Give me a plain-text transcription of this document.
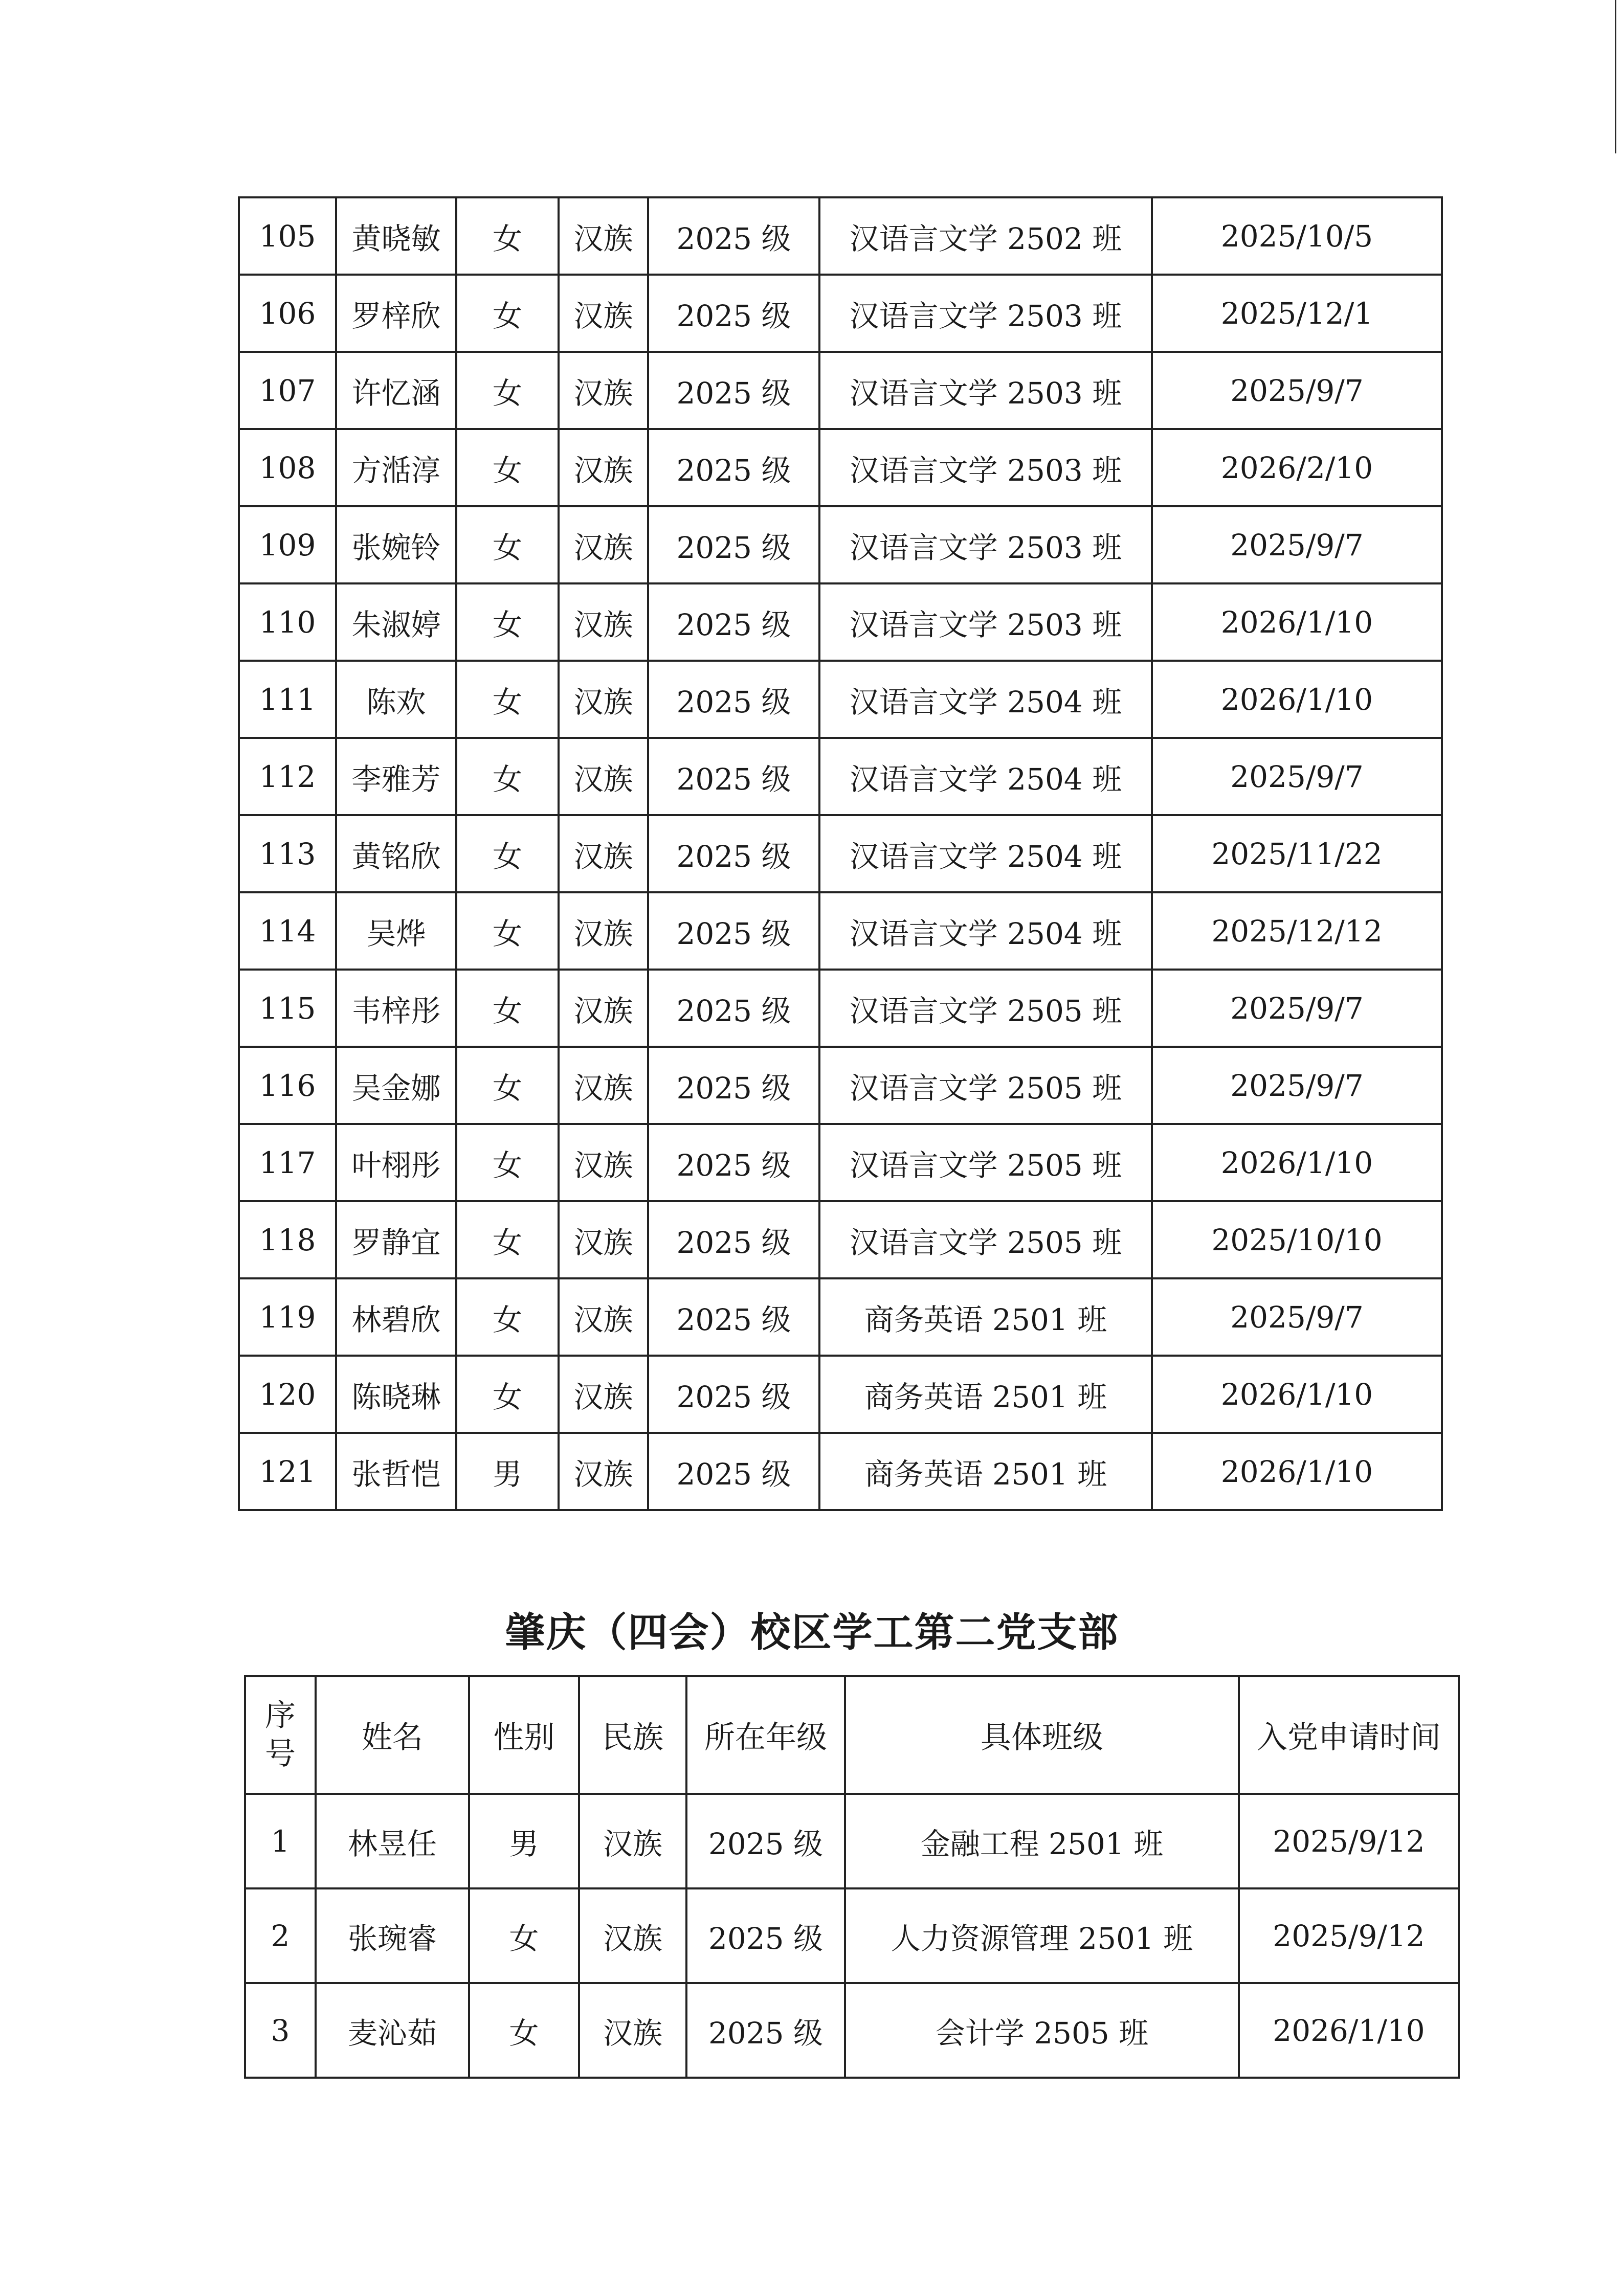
105	黄晓敏	女	汉族	2025 级	汉语言文学 2502 班	2025/10/5
106	罗梓欣	女	汉族	2025 级	汉语言文学 2503 班	2025/12/1
107	许忆涵	女	汉族	2025 级	汉语言文学 2503 班	2025/9/7
108	方湉淳	女	汉族	2025 级	汉语言文学 2503 班	2026/2/10
109	张婉铃	女	汉族	2025 级	汉语言文学 2503 班	2025/9/7
110	朱淑婷	女	汉族	2025 级	汉语言文学 2503 班	2026/1/10
111	陈欢	女	汉族	2025 级	汉语言文学 2504 班	2026/1/10
112	李雅芳	女	汉族	2025 级	汉语言文学 2504 班	2025/9/7
113	黄铭欣	女	汉族	2025 级	汉语言文学 2504 班	2025/11/22
114	吴烨	女	汉族	2025 级	汉语言文学 2504 班	2025/12/12
115	韦梓彤	女	汉族	2025 级	汉语言文学 2505 班	2025/9/7
116	吴金娜	女	汉族	2025 级	汉语言文学 2505 班	2025/9/7
117	叶栩彤	女	汉族	2025 级	汉语言文学 2505 班	2026/1/10
118	罗静宜	女	汉族	2025 级	汉语言文学 2505 班	2025/10/10
119	林碧欣	女	汉族	2025 级	商务英语 2501 班	2025/9/7
120	陈晓琳	女	汉族	2025 级	商务英语 2501 班	2026/1/10
121	张哲恺	男	汉族	2025 级	商务英语 2501 班	2026/1/10
肇庆（四会）校区学工第二党支部
序
号	姓名	性别	民族	所在年级	具体班级	入党申请时间
1	林昱任	男	汉族	2025 级	金融工程 2501 班	2025/9/12
2	张琬睿	女	汉族	2025 级	人力资源管理 2501 班	2025/9/12
3	麦沁茹	女	汉族	2025 级	会计学 2505 班	2026/1/10
